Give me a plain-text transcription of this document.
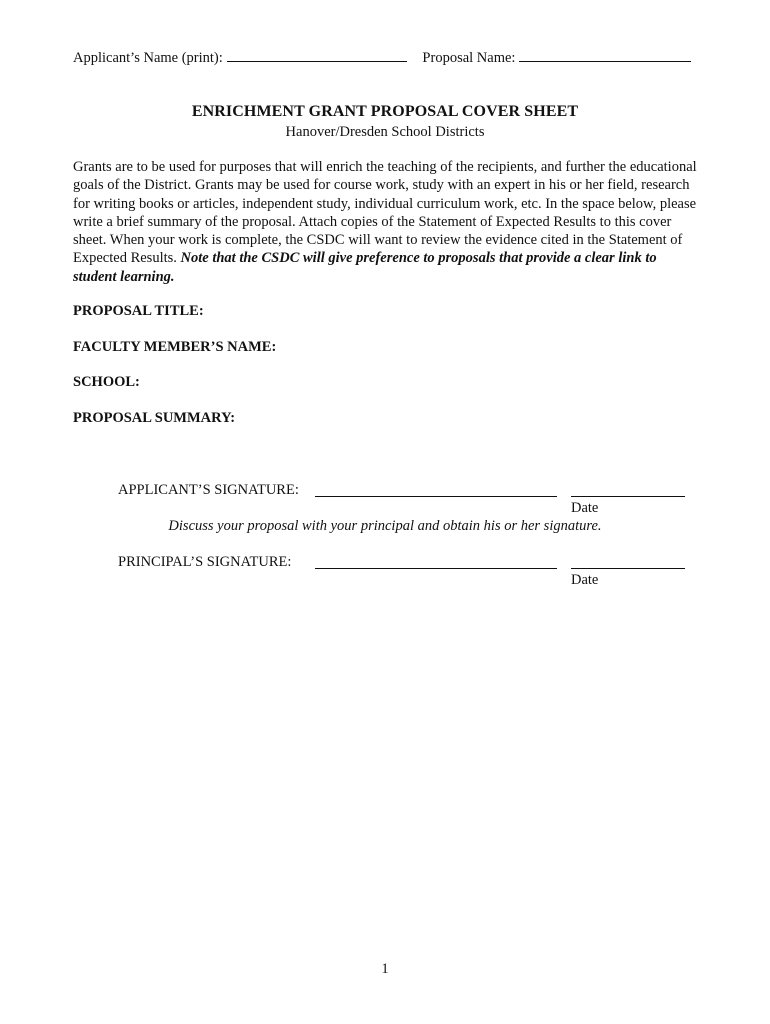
Applicant’s Name (print):	Proposal Name:
ENRICHMENT GRANT PROPOSAL COVER SHEET
Hanover/Dresden School Districts
Grants are to be used for purposes that will enrich the teaching of the recipients, and further the educational goals of the District. Grants may be used for course work, study with an expert in his or her field, research for writing books or articles, independent study, individual curriculum work, etc. In the space below, please write a brief summary of the proposal. Attach copies of the Statement of Expected Results to this cover sheet. When your work is complete, the CSDC will want to review the evidence cited in the Statement of Expected Results. Note that the CSDC will give preference to proposals that provide a clear link to student learning.
PROPOSAL TITLE:
FACULTY MEMBER’S NAME:
SCHOOL:
PROPOSAL SUMMARY:
APPLICANT’S SIGNATURE:
Date
Discuss your proposal with your principal and obtain his or her signature.
PRINCIPAL’S SIGNATURE:
Date
1
